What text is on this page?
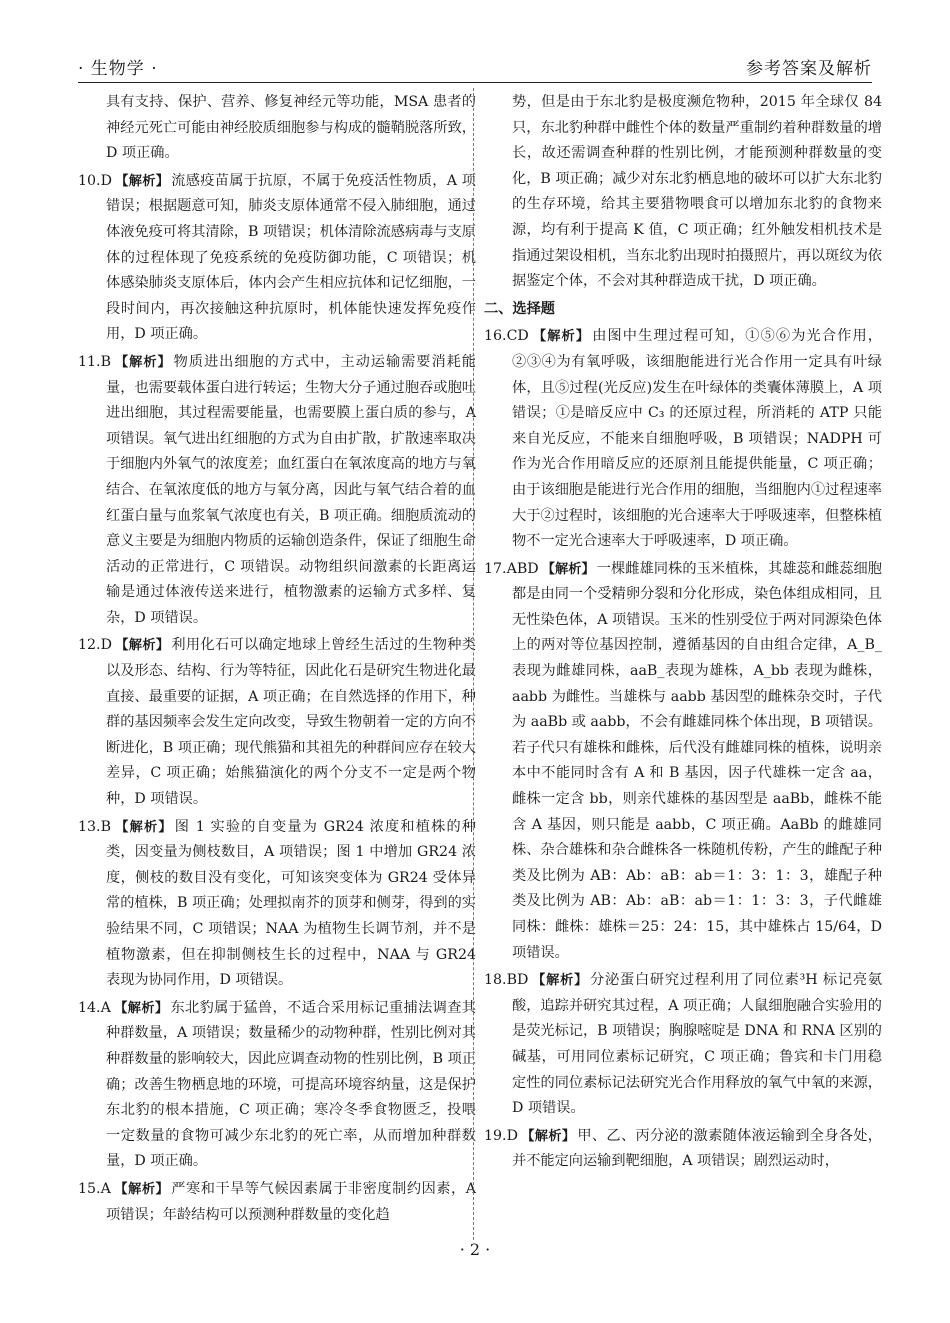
· 生物学 ·	参考答案及解析

具有支持、保护、营养、修复神经元等功能，MSA 患者的神经元死亡可能由神经胶质细胞参与构成的髓鞘脱落所致，D 项正确。

10.D 【解析】 流感疫苗属于抗原，不属于免疫活性物质，A 项错误；根据题意可知，肺炎支原体通常不侵入肺细胞，通过体液免疫可将其清除，B 项错误；机体清除流感病毒与支原体的过程体现了免疫系统的免疫防御功能，C 项错误；机体感染肺炎支原体后，体内会产生相应抗体和记忆细胞，一段时间内，再次接触这种抗原时，机体能快速发挥免疫作用，D 项正确。

11.B 【解析】 物质进出细胞的方式中，主动运输需要消耗能量，也需要载体蛋白进行转运；生物大分子通过胞吞或胞吐进出细胞，其过程需要能量，也需要膜上蛋白质的参与，A 项错误。氧气进出红细胞的方式为自由扩散，扩散速率取决于细胞内外氧气的浓度差；血红蛋白在氧浓度高的地方与氧结合、在氧浓度低的地方与氧分离，因此与氧气结合着的血红蛋白量与血浆氧气浓度也有关，B 项正确。细胞质流动的意义主要是为细胞内物质的运输创造条件，保证了细胞生命活动的正常进行，C 项错误。动物组织间激素的长距离运输是通过体液传送来进行，植物激素的运输方式多样、复杂，D 项错误。

12.D 【解析】 利用化石可以确定地球上曾经生活过的生物种类以及形态、结构、行为等特征，因此化石是研究生物进化最直接、最重要的证据，A 项正确；在自然选择的作用下，种群的基因频率会发生定向改变，导致生物朝着一定的方向不断进化，B 项正确；现代熊猫和其祖先的种群间应存在较大差异，C 项正确；始熊猫演化的两个分支不一定是两个物种，D 项错误。

13.B 【解析】 图 1 实验的自变量为 GR24 浓度和植株的种类，因变量为侧枝数目，A 项错误；图 1 中增加 GR24 浓度，侧枝的数目没有变化，可知该突变体为 GR24 受体异常的植株，B 项正确；处理拟南芥的顶芽和侧芽，得到的实验结果不同，C 项错误；NAA 为植物生长调节剂，并不是植物激素，但在抑制侧枝生长的过程中，NAA 与 GR24 表现为协同作用，D 项错误。

14.A 【解析】 东北豹属于猛兽，不适合采用标记重捕法调查其种群数量，A 项错误；数量稀少的动物种群，性别比例对其种群数量的影响较大，因此应调查动物的性别比例，B 项正确；改善生物栖息地的环境，可提高环境容纳量，这是保护东北豹的根本措施，C 项正确；寒冷冬季食物匮乏，投喂一定数量的食物可减少东北豹的死亡率，从而增加种群数量，D 项正确。

15.A 【解析】 严寒和干旱等气候因素属于非密度制约因素，A 项错误；年龄结构可以预测种群数量的变化趋

势，但是由于东北豹是极度濒危物种，2015 年全球仅 84 只，东北豹种群中雌性个体的数量严重制约着种群数量的增长，故还需调查种群的性别比例，才能预测种群数量的变化，B 项正确；减少对东北豹栖息地的破坏可以扩大东北豹的生存环境，给其主要猎物喂食可以增加东北豹的食物来源，均有利于提高 K 值，C 项正确；红外触发相机技术是指通过架设相机，当东北豹出现时拍摄照片，再以斑纹为依据鉴定个体，不会对其种群造成干扰，D 项正确。

二、选择题

16.CD 【解析】 由图中生理过程可知，①⑤⑥为光合作用，②③④为有氧呼吸，该细胞能进行光合作用一定具有叶绿体，且⑤过程(光反应)发生在叶绿体的类囊体薄膜上，A 项错误；①是暗反应中 C₃ 的还原过程，所消耗的 ATP 只能来自光反应，不能来自细胞呼吸，B 项错误；NADPH 可作为光合作用暗反应的还原剂且能提供能量，C 项正确；由于该细胞是能进行光合作用的细胞，当细胞内①过程速率大于②过程时，该细胞的光合速率大于呼吸速率，但整株植物不一定光合速率大于呼吸速率，D 项正确。

17.ABD 【解析】 一棵雌雄同株的玉米植株，其雄蕊和雌蕊细胞都是由同一个受精卵分裂和分化形成，染色体组成相同，且无性染色体，A 项错误。玉米的性别受位于两对同源染色体上的两对等位基因控制，遵循基因的自由组合定律，A_B_表现为雌雄同株，aaB_表现为雄株，A_bb 表现为雌株，aabb 为雌性。当雄株与 aabb 基因型的雌株杂交时，子代为 aaBb 或 aabb，不会有雌雄同株个体出现，B 项错误。若子代只有雄株和雌株，后代没有雌雄同株的植株，说明亲本中不能同时含有 A 和 B 基因，因子代雄株一定含 aa，雌株一定含 bb，则亲代雄株的基因型是 aaBb，雌株不能含 A 基因，则只能是 aabb，C 项正确。AaBb 的雌雄同株、杂合雄株和杂合雌株各一株随机传粉，产生的雌配子种类及比例为 AB：Ab：aB：ab＝1：3：1：3，雄配子种类及比例为 AB：Ab：aB：ab＝1：1：3：3，子代雌雄同株：雌株：雄株＝25：24：15，其中雄株占 15/64，D 项错误。

18.BD 【解析】 分泌蛋白研究过程利用了同位素³H 标记亮氨酸，追踪并研究其过程，A 项正确；人鼠细胞融合实验用的是荧光标记，B 项错误；胸腺嘧啶是 DNA 和 RNA 区别的碱基，可用同位素标记研究，C 项正确；鲁宾和卡门用稳定性的同位素标记法研究光合作用释放的氧气中氧的来源，D 项错误。

19.D 【解析】 甲、乙、丙分泌的激素随体液运输到全身各处，并不能定向运输到靶细胞，A 项错误；剧烈运动时，

· 2 ·
